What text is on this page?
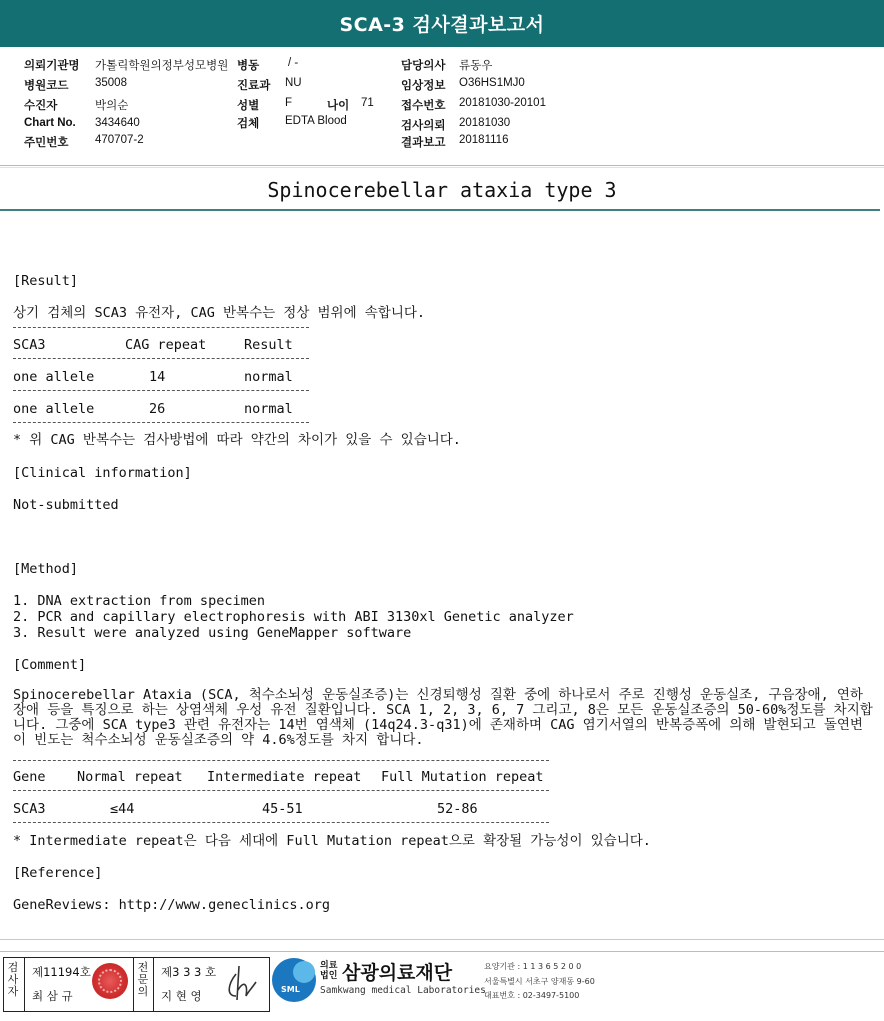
SCA-3 검사결과보고서
의뢰기관명 가톨릭학원의정부성모병원 병동	/ -	담당의사 류동우
병원코드 35008	진료과 NU	임상정보 O36HS1MJ0
수진자	박의순	성별 F	나이 71 접수번호 20181030-20101
Chart No. 3434640	검체 EDTA Blood	검사의뢰 20181030
주민번호 470707-2	결과보고 20181116
Spinocerebellar ataxia type 3
[Result]
상기 검체의 SCA3 유전자, CAG 반복수는 정상 범위에 속합니다.
SCA3	CAG repeat	Result
one allele	14	normal
one allele	26	normal
* 위 CAG 반복수는 검사방법에 따라 약간의 차이가 있을 수 있습니다.
[Clinical information]
Not-submitted
[Method]
1. DNA extraction from specimen
2. PCR and capillary electrophoresis with ABI 3130xl Genetic analyzer
3. Result were analyzed using GeneMapper software
[Comment]
Spinocerebellar Ataxia (SCA, 척수소뇌성 운동실조증)는 신경퇴행성 질환 중에 하나로서 주로 진행성 운동실조, 구음장애, 연하장애 등을 특징으로 하는 상염색체 우성 유전 질환입니다. SCA 1, 2, 3, 6, 7 그리고, 8은 모든 운동실조증의 50-60%정도를 차지합니다. 그중에 SCA type3 관련 유전자는 14번 염색체 (14q24.3-q31)에 존재하며 CAG 염기서열의 반복증폭에 의해 발현되고 돌연변이 빈도는 척수소뇌성 운동실조증의 약 4.6%정도를 차지 합니다.
Gene Normal repeat Intermediate repeat Full Mutation repeat
SCA3	≤44	45-51	52-86
* Intermediate repeat은 다음 세대에 Full Mutation repeat으로 확장될 가능성이 있습니다.
[Reference]
GeneReviews: http://www.geneclinics.org
검사자
제11194호
최 삼 규
전문의
제3 3 3 호
지 현 영	SML
의료
법인 삼광의료재단
Samkwang medical Laboratories
요양기관 : 1 1 3 6 5 2 0 0
서울특별시 서초구 양재동 9-60
대표번호 : 02-3497-5100
